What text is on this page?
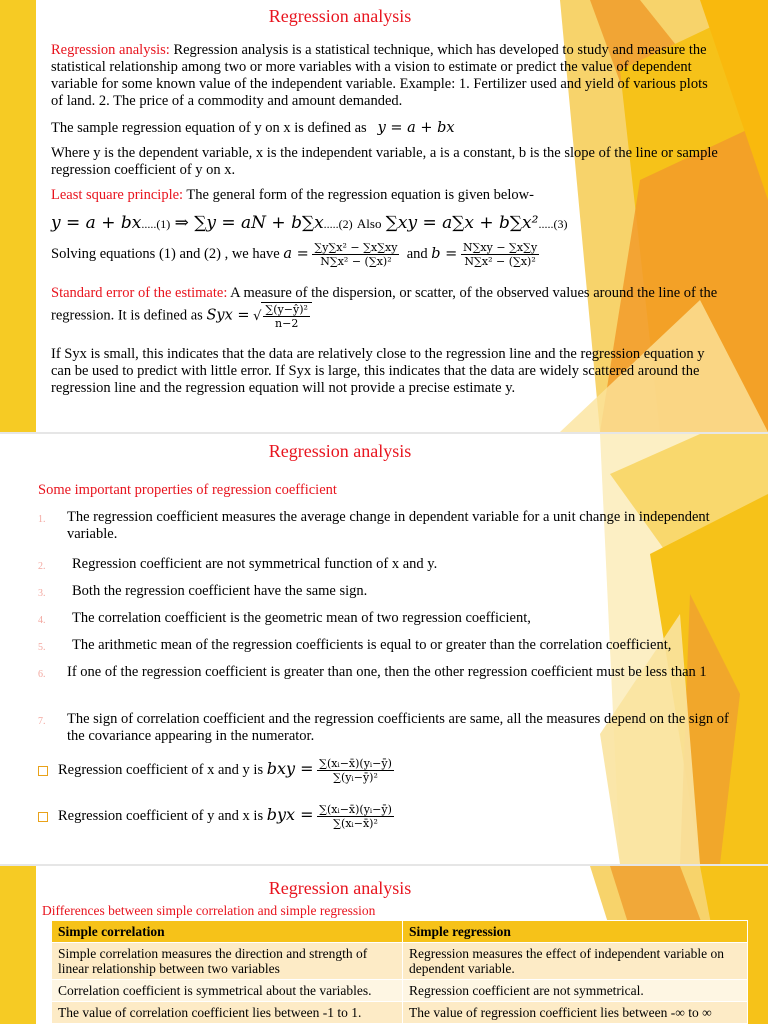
Regression analysis
Regression analysis: Regression analysis is a statistical technique, which has developed to study and measure the statistical relationship among two or more variables with a vision to estimate or predict the value of dependent variable for some known value of the independent variable. Example: 1. Fertilizer used and yield of various plots of land. 2. The price of a commodity and amount demanded.
The sample regression equation of y on x is defined as y = a + bx
Where y is the dependent variable, x is the independent variable, a is a constant, b is the slope of the line or sample regression coefficient of y on x.
Least square principle: The general form of the regression equation is given below-
y = a + bx.....(1) ⇒ ∑y = aN + b∑x.....(2) Also ∑xy = a∑x + b∑x².....(3)
Solving equations (1) and (2) , we have $a = \frac{\text{∑y∑x² − ∑x∑xy}}{\text{N∑x² − (∑x)²}}$ and $b = \frac{N\sum xy - \sum x\sum y}{\text{N∑x² − (∑x)²}}$
Standard error of the estimate: A measure of the dispersion, or scatter, of the observed values around the line of the regression. It is defined as Syx = √ $\frac{\text{∑(y−ŷ)²}}{n-2}$
If Syx is small, this indicates that the data are relatively close to the regression line and the regression equation y can be used to predict with little error. If Syx is large, this indicates that the data are widely scattered around the regression line and the regression equation will not provide a precise estimate y.
Regression analysis
Some important properties of regression coefficient
1. The regression coefficient measures the average change in dependent variable for a unit change in independent variable.
2. Regression coefficient are not symmetrical function of x and y.
3. Both the regression coefficient have the same sign.
4. The correlation coefficient is the geometric mean of two regression coefficient,
5. The arithmetic mean of the regression coefficients is equal to or greater than the correlation coefficient,
6. If one of the regression coefficient is greater than one, then the other regression coefficient must be less than 1
7. The sign of correlation coefficient and the regression coefficients are same, all the measures depend on the sign of the covariance appearing in the numerator.
Regression coefficient of x and y is bxy = $\frac{\text{∑(xᵢ−x̄)(yᵢ−ȳ)}}{\text{∑(yᵢ−ȳ)²}}$
Regression coefficient of y and x is byx = $\frac{\text{∑(xᵢ−x̄)(yᵢ−ȳ)}}{\text{∑(xᵢ−x̄)²}}$
Regression analysis
Differences between simple correlation and simple regression
Simple correlation	Simple regression
Simple correlation measures the direction and strength of linear relationship between two variables	Regression measures the effect of independent variable on dependent variable.
Correlation coefficient is symmetrical about the variables.	Regression coefficient are not symmetrical.
The value of correlation coefficient lies between -1 to 1.	The value of regression coefficient lies between -∞ to ∞
